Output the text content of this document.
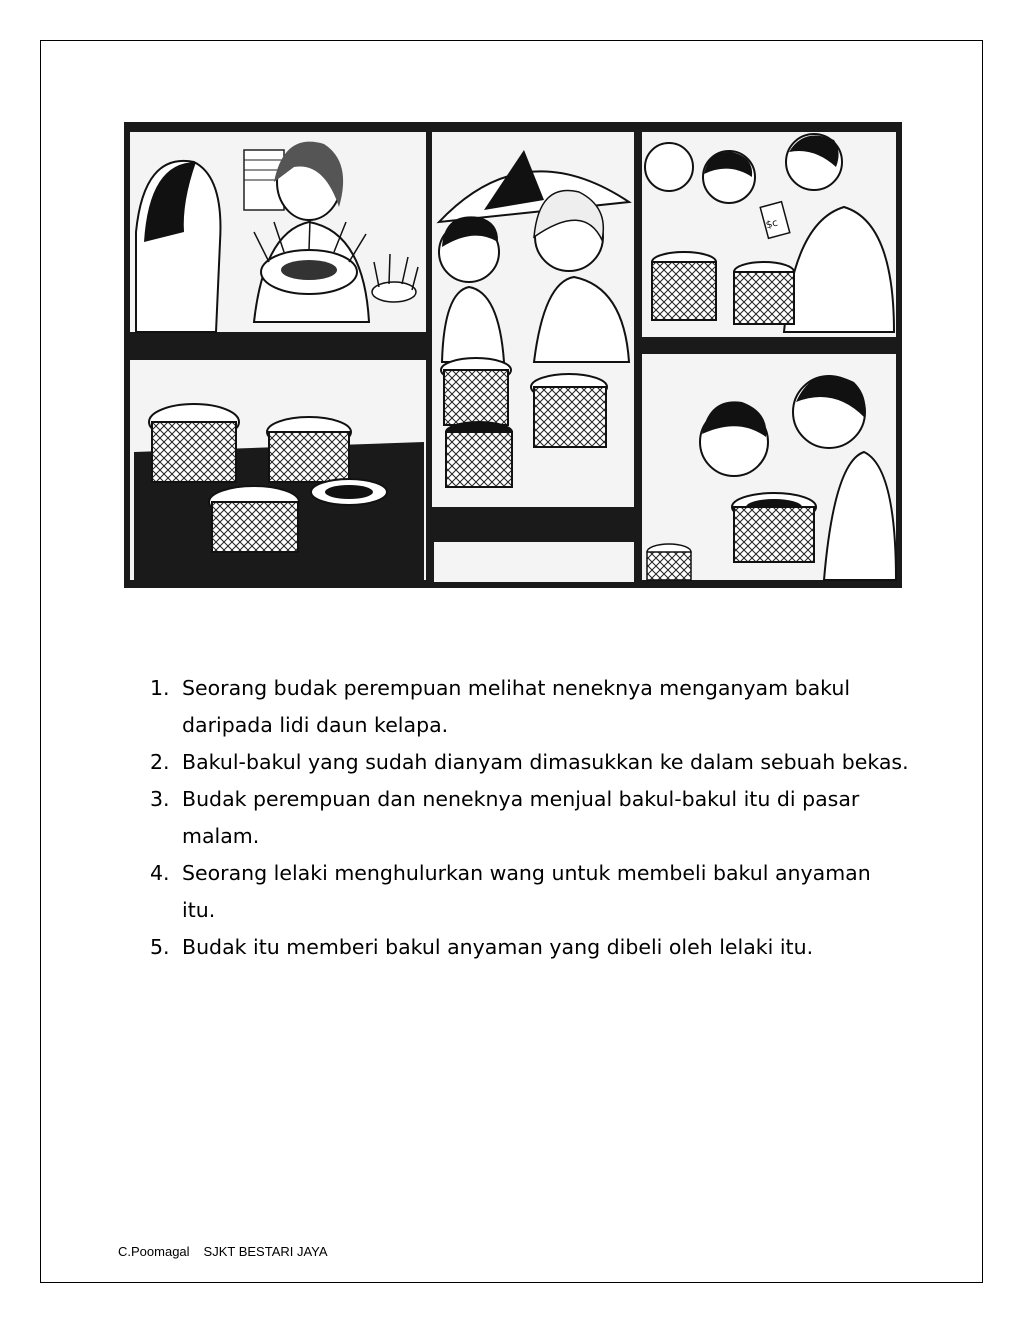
$c
1. Seorang budak perempuan melihat neneknya menganyam bakul daripada lidi daun kelapa.
2. Bakul-bakul yang sudah dianyam dimasukkan ke dalam sebuah bekas.
3. Budak perempuan dan neneknya menjual bakul-bakul itu di pasar malam.
4. Seorang lelaki menghulurkan wang untuk membeli bakul anyaman itu.
5. Budak itu memberi bakul anyaman yang dibeli oleh lelaki itu.
C.Poomagal SJKT BESTARI JAYA
